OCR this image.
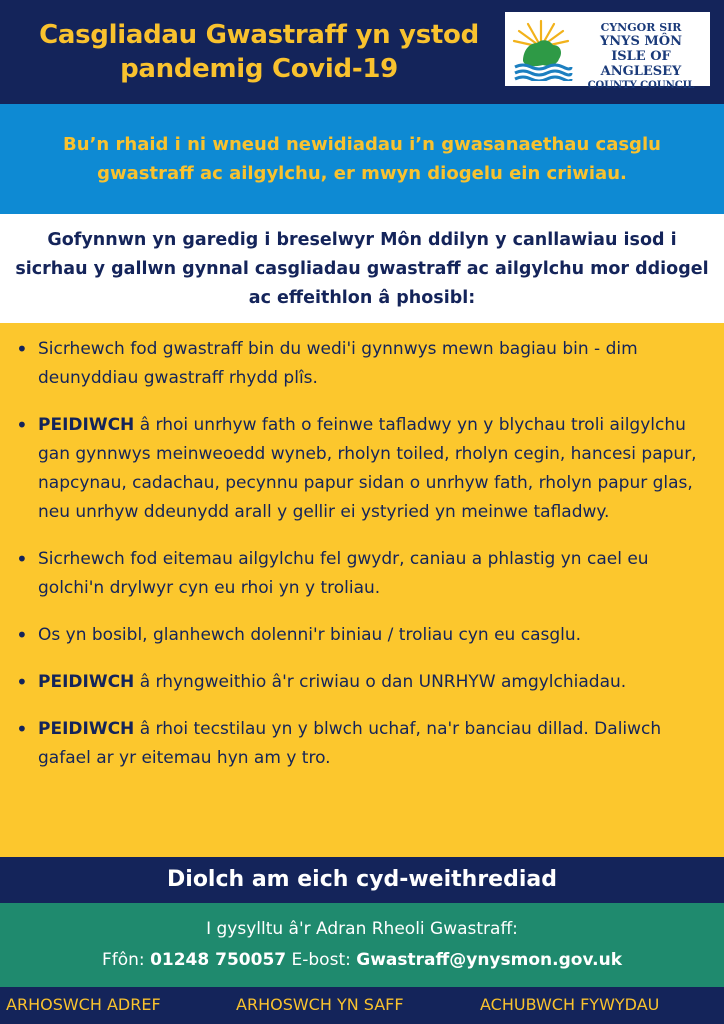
Casgliadau Gwastraff yn ystod pandemig Covid-19
CYNGOR SIR
YNYS MÔN
ISLE OF ANGLESEY
COUNTY COUNCIL
Bu’n rhaid i ni wneud newidiadau i’n gwasanaethau casglu gwastraff ac ailgylchu, er mwyn diogelu ein criwiau.
Gofynnwn yn garedig i breselwyr Môn ddilyn y canllawiau isod i sicrhau y gallwn gynnal casgliadau gwastraff ac ailgylchu mor ddiogel ac effeithlon â phosibl:
• Sicrhewch fod gwastraff bin du wedi'i gynnwys mewn bagiau bin - dim deunyddiau gwastraff rhydd plîs.
• PEIDIWCH â rhoi unrhyw fath o feinwe tafladwy yn y blychau troli ailgylchu gan gynnwys meinweoedd wyneb, rholyn toiled, rholyn cegin, hancesi papur, napcynau, cadachau, pecynnu papur sidan o unrhyw fath, rholyn papur glas, neu unrhyw ddeunydd arall y gellir ei ystyried yn meinwe tafladwy.
• Sicrhewch fod eitemau ailgylchu fel gwydr, caniau a phlastig yn cael eu golchi'n drylwyr cyn eu rhoi yn y troliau.
• Os yn bosibl, glanhewch dolenni'r biniau / troliau cyn eu casglu.
• PEIDIWCH â rhyngweithio â'r criwiau o dan UNRHYW amgylchiadau.
• PEIDIWCH â rhoi tecstilau yn y blwch uchaf, na'r banciau dillad. Daliwch gafael ar yr eitemau hyn am y tro.
Diolch am eich cyd-weithrediad
I gysylltu â'r Adran Rheoli Gwastraff:
Ffôn: 01248 750057 E-bost: Gwastraff@ynysmon.gov.uk
ARHOSWCH ADREF	ARHOSWCH YN SAFF	ACHUBWCH FYWYDAU
